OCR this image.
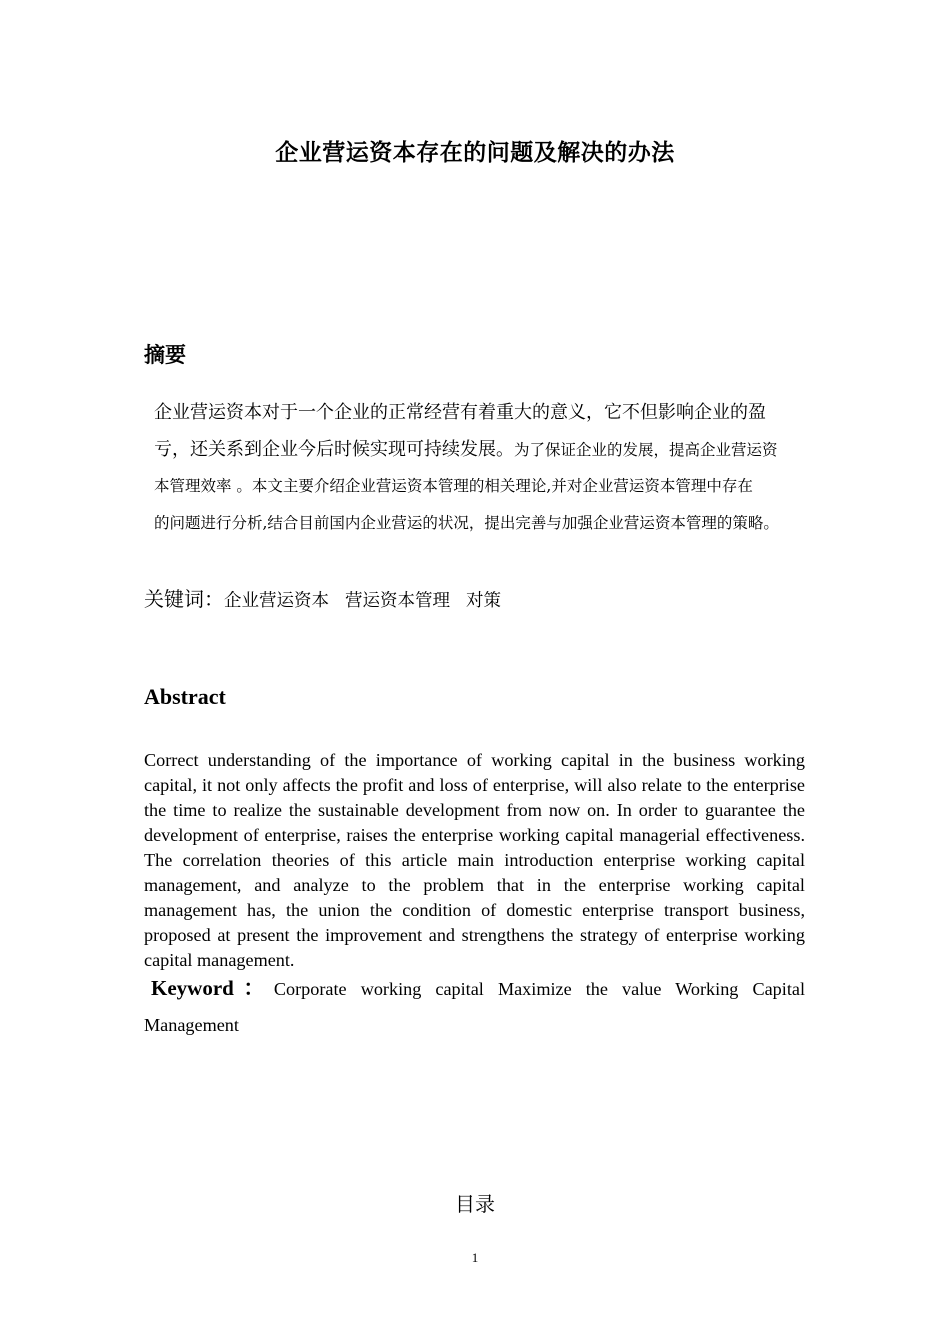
企业营运资本存在的问题及解决的办法
摘要
企业营运资本对于一个企业的正常经营有着重大的意义，它不但影响企业的盈
亏，还关系到企业今后时候实现可持续发展。为了保证企业的发展，提高企业营运资
本管理效率 。本文主要介绍企业营运资本管理的相关理论,并对企业营运资本管理中存在
的问题进行分析,结合目前国内企业营运的状况，提出完善与加强企业营运资本管理的策略。
关键词：企业营运资本 营运资本管理 对策
Abstract
Correct understanding of the importance of working capital in the business working capital, it not only affects the profit and loss of enterprise, will also relate to the enterprise the time to realize the sustainable development from now on. In order to guarantee the development of enterprise, raises the enterprise working capital managerial effectiveness. The correlation theories of this article main introduction enterprise working capital management, and analyze to the problem that in the enterprise working capital management has, the union the condition of domestic enterprise transport business, proposed at present the improvement and strengthens the strategy of enterprise working capital management.
Keyword：Corporate working capital Maximize the value Working Capital Management
目录
1
